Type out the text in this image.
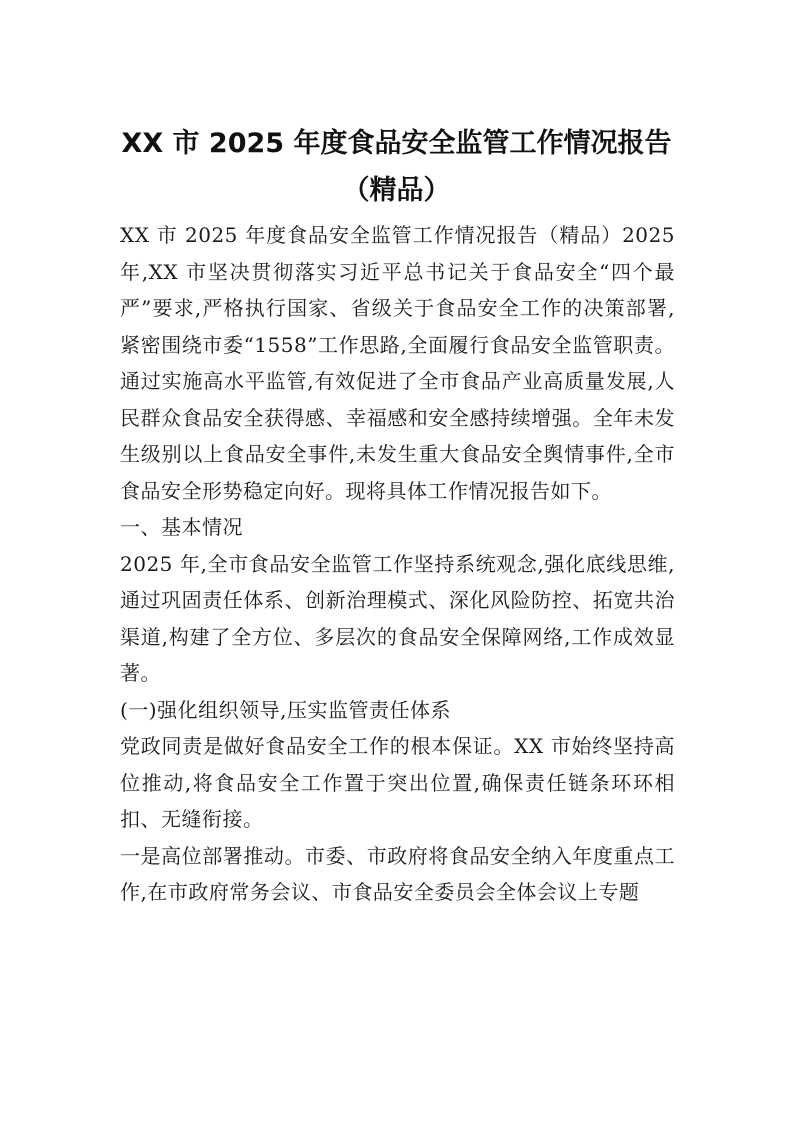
XX 市 2025 年度食品安全监管工作情况报告
（精品）

XX 市 2025 年度食品安全监管工作情况报告（精品）2025年,XX 市坚决贯彻落实习近平总书记关于食品安全“四个最严”要求,严格执行国家、省级关于食品安全工作的决策部署,紧密围绕市委“1558”工作思路,全面履行食品安全监管职责。通过实施高水平监管,有效促进了全市食品产业高质量发展,人民群众食品安全获得感、幸福感和安全感持续增强。全年未发生级别以上食品安全事件,未发生重大食品安全舆情事件,全市食品安全形势稳定向好。现将具体工作情况报告如下。

一、基本情况

2025 年,全市食品安全监管工作坚持系统观念,强化底线思维,通过巩固责任体系、创新治理模式、深化风险防控、拓宽共治渠道,构建了全方位、多层次的食品安全保障网络,工作成效显著。

(一)强化组织领导,压实监管责任体系

党政同责是做好食品安全工作的根本保证。XX 市始终坚持高位推动,将食品安全工作置于突出位置,确保责任链条环环相扣、无缝衔接。

一是高位部署推动。市委、市政府将食品安全纳入年度重点工作,在市政府常务会议、市食品安全委员会全体会议上专题
